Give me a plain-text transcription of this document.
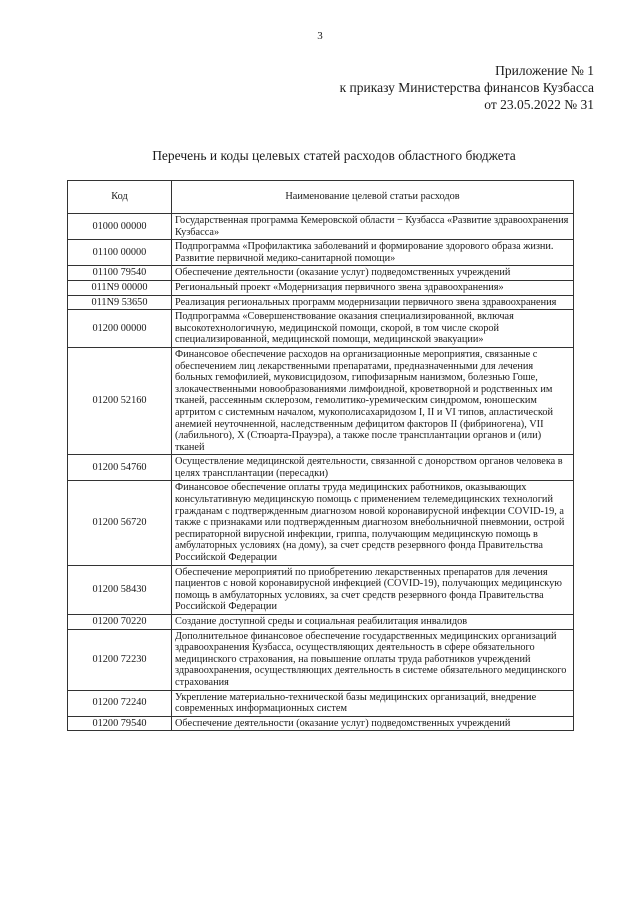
3
Приложение № 1
к приказу Министерства финансов Кузбасса
от 23.05.2022 № 31
Перечень и коды целевых статей расходов областного бюджета
Код	Наименование целевой статьи расходов
01000 00000	Государственная программа Кемеровской области − Кузбасса «Развитие здравоохранения Кузбасса»
01100 00000	Подпрограмма «Профилактика заболеваний и формирование здорового образа жизни. Развитие первичной медико-санитарной помощи»
01100 79540	Обеспечение деятельности (оказание услуг) подведомственных учреждений
011N9 00000	Региональный проект «Модернизация первичного звена здравоохранения»
011N9 53650	Реализация региональных программ модернизации первичного звена здравоохранения
01200 00000	Подпрограмма «Совершенствование оказания специализированной, включая высокотехнологичную, медицинской помощи, скорой, в том числе скорой специализированной, медицинской помощи, медицинской эвакуации»
01200 52160	Финансовое обеспечение расходов на организационные мероприятия, связанные с обеспечением лиц лекарственными препаратами, предназначенными для лечения больных гемофилией, муковисцидозом, гипофизарным нанизмом, болезнью Гоше, злокачественными новообразованиями лимфоидной, кроветворной и родственных им тканей, рассеянным склерозом, гемолитико-уремическим синдромом, юношеским артритом с системным началом, мукополисахаридозом I, II и VI типов, апластической анемией неуточненной, наследственным дефицитом факторов II (фибриногена), VII (лабильного), X (Стюарта-Прауэра), а также после трансплантации органов и (или) тканей
01200 54760	Осуществление медицинской деятельности, связанной с донорством органов человека в целях трансплантации (пересадки)
01200 56720	Финансовое обеспечение оплаты труда медицинских работников, оказывающих консультативную медицинскую помощь с применением телемедицинских технологий гражданам с подтвержденным диагнозом новой коронавирусной инфекции COVID-19, а также с признаками или подтвержденным диагнозом внебольничной пневмонии, острой респираторной вирусной инфекции, гриппа, получающим медицинскую помощь в амбулаторных условиях (на дому), за счет средств резервного фонда Правительства Российской Федерации
01200 58430	Обеспечение мероприятий по приобретению лекарственных препаратов для лечения пациентов с новой коронавирусной инфекцией (COVID-19), получающих медицинскую помощь в амбулаторных условиях, за счет средств резервного фонда Правительства Российской Федерации
01200 70220	Создание доступной среды и социальная реабилитация инвалидов
01200 72230	Дополнительное финансовое обеспечение государственных медицинских организаций здравоохранения Кузбасса, осуществляющих деятельность в сфере обязательного медицинского страхования, на повышение оплаты труда работников учреждений здравоохранения, осуществляющих деятельность в системе обязательного медицинского страхования
01200 72240	Укрепление материально-технической базы медицинских организаций, внедрение современных информационных систем
01200 79540	Обеспечение деятельности (оказание услуг) подведомственных учреждений
